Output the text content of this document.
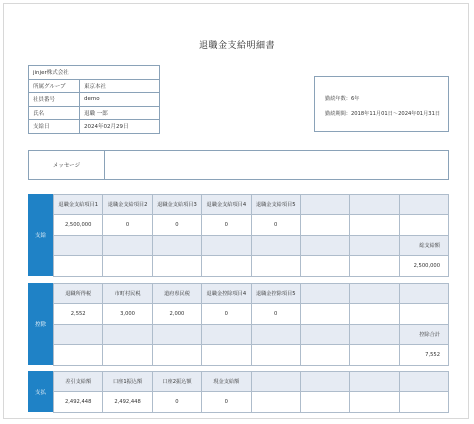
退職金支給明細書
jinjer株式会社	
所属グループ	東京本社
社員番号	demo
氏名	退職 一郎
支給日	2024年02月29日
勤続年数：6年
勤続期間：2018年11月01日～2024年01月31日
メッセージ
支給
退職金支給項目1	退職金支給項目2	退職金支給項目3	退職金支給項目4	退職金支給項目5			
2,500,000	0	0	0	0			
							総支給額
							2,500,000
控除
退職所得税	市町村民税	道府県民税	退職金控除項目4	退職金控除項目5			
2,552	3,000	2,000	0	0			
							控除合計
							7,552
支払
差引支給額	口座1振込額	口座2振込額	現金支給額				
2,492,448	2,492,448	0	0				
